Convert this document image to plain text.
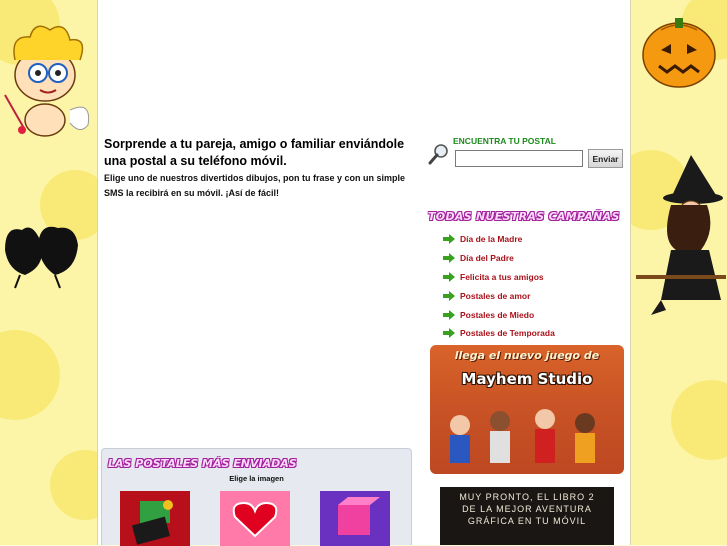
Sorprende a tu pareja, amigo o familiar enviándole una postal a su teléfono móvil.
Elige uno de nuestros divertidos dibujos, pon tu frase y con un simple SMS la recibirá en su móvil. ¡Así de fácil!
ENCUENTRA TU POSTAL
Enviar
TODAS NUESTRAS CAMPAÑAS
Día de la Madre
Día del Padre
Felicita a tus amigos
Postales de amor
Postales de Miedo
Postales de Temporada
llega el nuevo juego de
Mayhem Studio
MUY PRONTO, EL LIBRO 2
DE LA MEJOR AVENTURA
GRÁFICA EN TU MÓVIL
LAS POSTALES MÁS ENVIADAS
Elige la imagen
